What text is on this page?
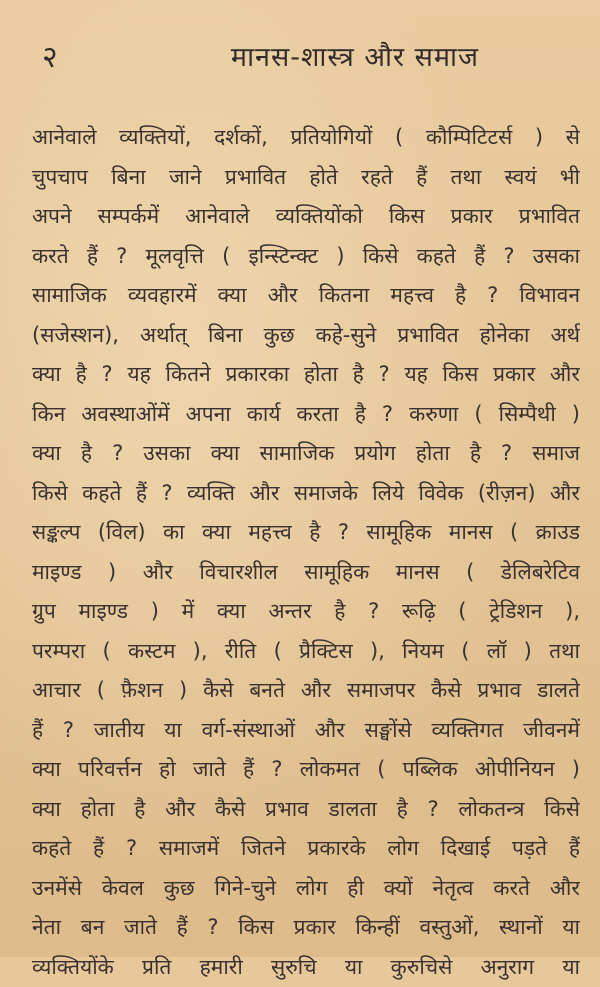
२	मानस-शास्त्र और समाज
आनेवाले व्यक्तियों, दर्शकों, प्रतियोगियों ( कौम्पिटिटर्स ) से
चुपचाप बिना जाने प्रभावित होते रहते हैं तथा स्वयं भी
अपने सम्पर्कमें आनेवाले व्यक्तियोंको किस प्रकार प्रभावित
करते हैं ? मूलवृत्ति ( इन्स्टिन्क्ट ) किसे कहते हैं ? उसका
सामाजिक व्यवहारमें क्या और कितना महत्त्व है ? विभावन
(सजेस्शन), अर्थात् बिना कुछ कहे-सुने प्रभावित होनेका अर्थ
क्या है ? यह कितने प्रकारका होता है ? यह किस प्रकार और
किन अवस्थाओंमें अपना कार्य करता है ? करुणा ( सिम्पैथी )
क्या है ? उसका क्या सामाजिक प्रयोग होता है ? समाज
किसे कहते हैं ? व्यक्ति और समाजके लिये विवेक (रीज़न) और
सङ्कल्प (विल) का क्या महत्त्व है ? सामूहिक मानस ( क्राउड
माइण्ड ) और विचारशील सामूहिक मानस ( डेलिबरेटिव
ग्रुप माइण्ड ) में क्या अन्तर है ? रूढ़ि ( ट्रेडिशन ),
परम्परा ( कस्टम ), रीति ( प्रैक्टिस ), नियम ( लॉ ) तथा
आचार ( फ़ैशन ) कैसे बनते और समाजपर कैसे प्रभाव डालते
हैं ? जातीय या वर्ग-संस्थाओं और सङ्घोंसे व्यक्तिगत जीवनमें
क्या परिवर्त्तन हो जाते हैं ? लोकमत ( पब्लिक ओपीनियन )
क्या होता है और कैसे प्रभाव डालता है ? लोकतन्त्र किसे
कहते हैं ? समाजमें जितने प्रकारके लोग दिखाई पड़ते हैं
उनमेंसे केवल कुछ गिने-चुने लोग ही क्यों नेतृत्व करते और
नेता बन जाते हैं ? किस प्रकार किन्हीं वस्तुओं, स्थानों या
व्यक्तियोंके प्रति हमारी सुरुचि या कुरुचिसे अनुराग या
